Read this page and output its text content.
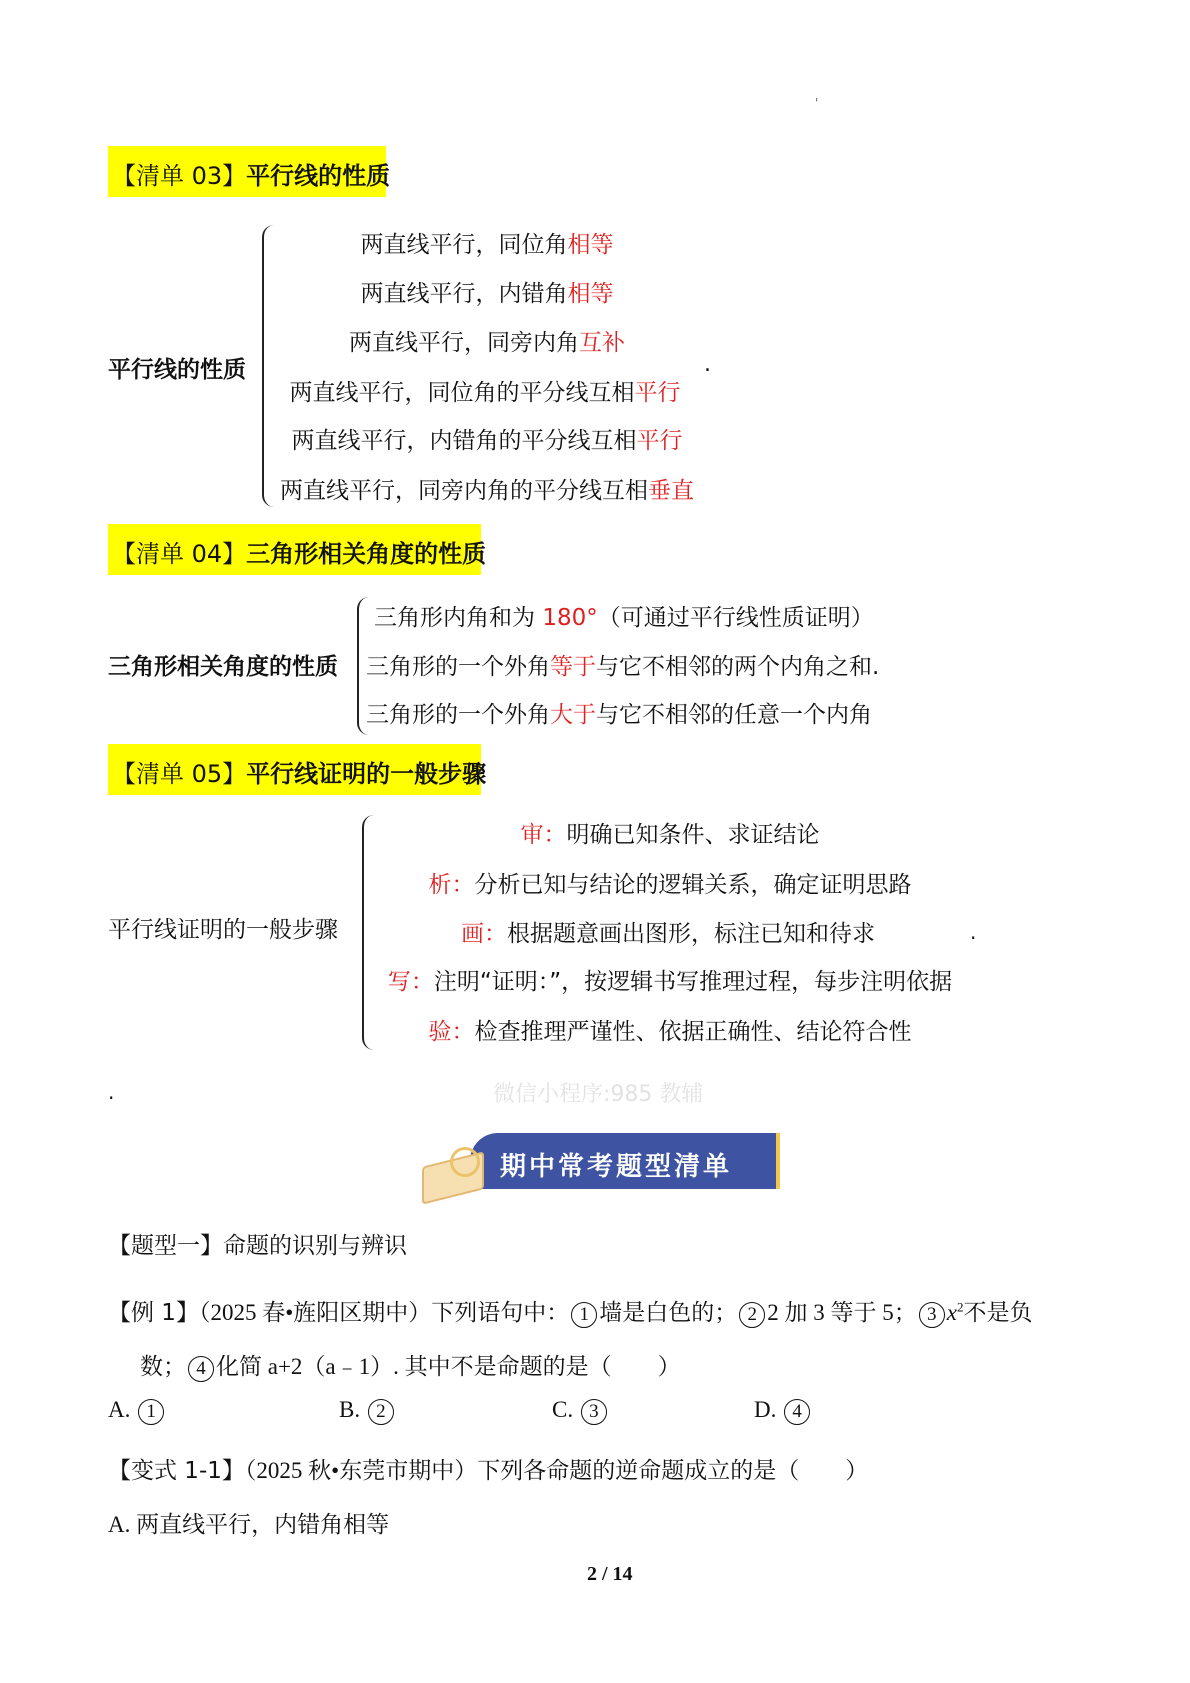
'
【清单 03】平行线的性质
平行线的性质
两直线平行，同位角相等
两直线平行，内错角相等
两直线平行，同旁内角互补
两直线平行，同位角的平分线互相平行
两直线平行，内错角的平分线互相平行
两直线平行，同旁内角的平分线互相垂直
.
【清单 04】三角形相关角度的性质
三角形相关角度的性质
三角形内角和为 180°（可通过平行线性质证明）
三角形的一个外角等于与它不相邻的两个内角之和.
三角形的一个外角大于与它不相邻的任意一个内角
【清单 05】平行线证明的一般步骤
平行线证明的一般步骤
审：明确已知条件、求证结论
析：分析已知与结论的逻辑关系，确定证明思路
画：根据题意画出图形，标注已知和待求
写：注明“证明：”，按逻辑书写推理过程，每步注明依据
验：检查推理严谨性、依据正确性、结论符合性
.
微信小程序:985 教辅
.
期中常考题型清单
【题型一】命题的识别与辨识
【例 1】（2025 春•旌阳区期中）下列语句中： 1 墙是白色的； 2 2 加 3 等于 5； 3 $x^2$不是负
数； 4 化简 a+2（a﹣1）. 其中不是命题的是（　　）
A. 1	B. 2	C. 3	D. 4
【变式 1-1】（2025 秋•东莞市期中）下列各命题的逆命题成立的是（　　）
A. 两直线平行，内错角相等
2 / 14
